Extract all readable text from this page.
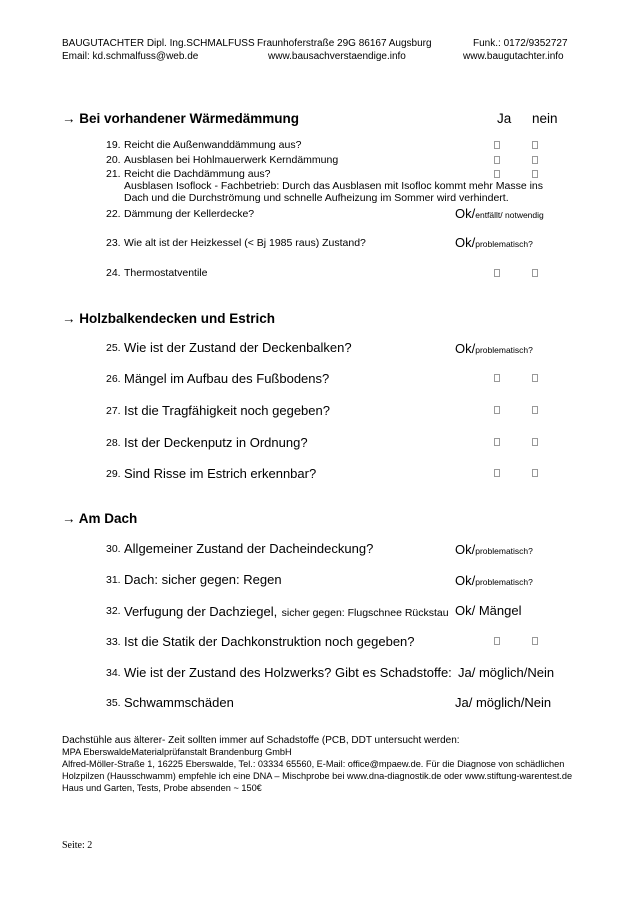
BAUGUTACHTER Dipl. Ing.SCHMALFUSS Fraunhoferstraße 29G 86167 Augsburg	Funk.: 0172/9352727
Email: kd.schmalfuss@web.de	www.bausachverstaendige.info	www.baugutachter.info
→ Bei vorhandener Wärmedämmung	Ja nein
19. Reicht die Außenwanddämmung aus?
20. Ausblasen bei Hohlmauerwerk Kerndämmung
21. Reicht die Dachdämmung aus?
Ausblasen Isoflock - Fachbetrieb: Durch das Ausblasen mit Isofloc kommt mehr Masse ins
Dach und die Durchströmung und schnelle Aufheizung im Sommer wird verhindert.
22. Dämmung der Kellerdecke?	Ok/entfällt/ notwendig
23. Wie alt ist der Heizkessel (< Bj 1985 raus) Zustand?	Ok/problematisch?
24. Thermostatventile
→ Holzbalkendecken und Estrich
25. Wie ist der Zustand der Deckenbalken?	Ok/problematisch?
26. Mängel im Aufbau des Fußbodens?
27. Ist die Tragfähigkeit noch gegeben?
28. Ist der Deckenputz in Ordnung?
29. Sind Risse im Estrich erkennbar?
→ Am Dach
30. Allgemeiner Zustand der Dacheindeckung?	Ok/problematisch?
31. Dach: sicher gegen: Regen	Ok/problematisch?
32. Verfugung der Dachziegel, sicher gegen: Flugschnee Rückstau Ok/ Mängel
33. Ist die Statik der Dachkonstruktion noch gegeben?
34. Wie ist der Zustand des Holzwerks? Gibt es Schadstoffe: Ja/ möglich/Nein
35. Schwammschäden	Ja/ möglich/Nein
Dachstühle aus älterer- Zeit sollten immer auf Schadstoffe (PCB, DDT untersucht werden:
MPA EberswaldeMaterialprüfanstalt Brandenburg GmbH
Alfred-Möller-Straße 1, 16225 Eberswalde, Tel.: 03334 65560, E-Mail: office@mpaew.de. Für die Diagnose von schädlichen
Holzpilzen (Hausschwamm) empfehle ich eine DNA – Mischprobe bei www.dna-diagnostik.de oder www.stiftung-warentest.de
Haus und Garten, Tests, Probe absenden ~ 150€
Seite: 2
